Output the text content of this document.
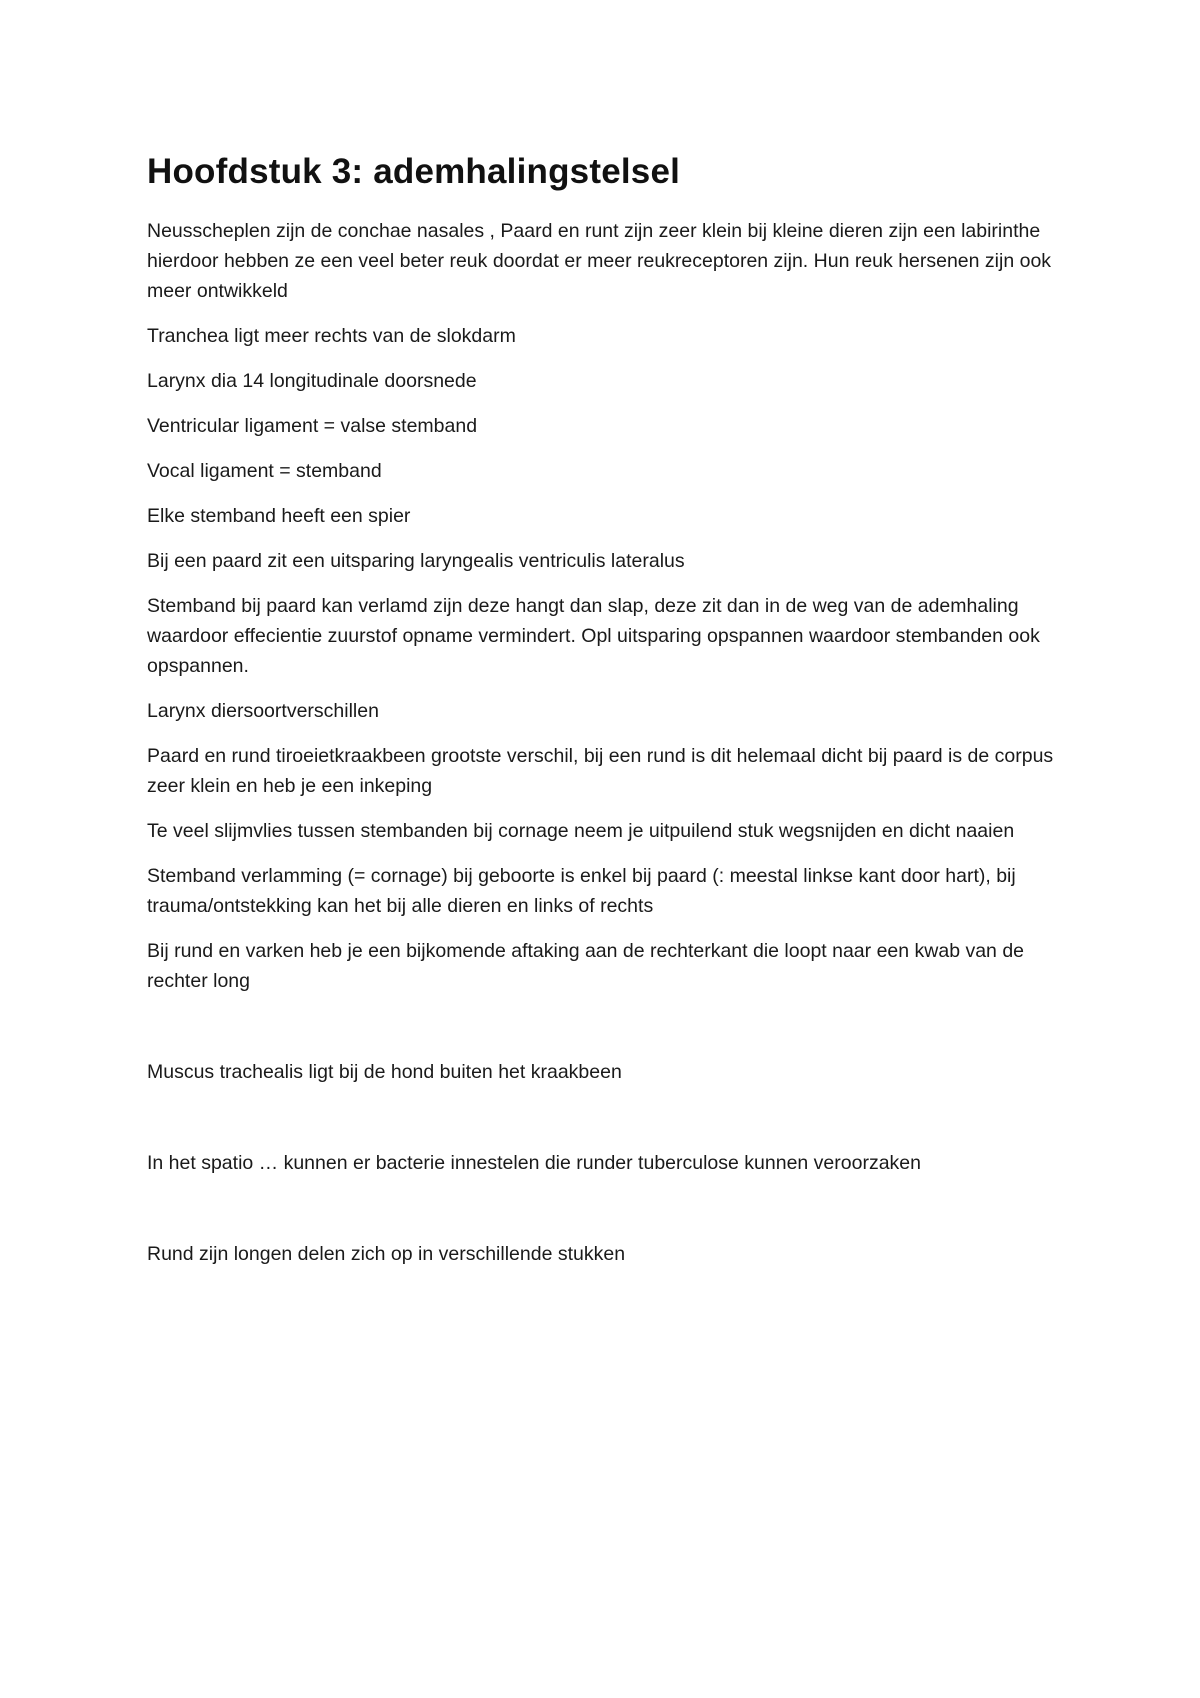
Hoofdstuk 3: ademhalingstelsel

Neusscheplen zijn de conchae nasales , Paard en runt zijn zeer klein bij kleine dieren zijn een labirinthe hierdoor hebben ze een veel beter reuk doordat er meer reukreceptoren zijn. Hun reuk hersenen zijn ook meer ontwikkeld

Tranchea ligt meer rechts van de slokdarm

Larynx dia 14 longitudinale doorsnede

Ventricular ligament = valse stemband

Vocal ligament = stemband

Elke stemband heeft een spier

Bij een paard zit een uitsparing laryngealis ventriculis lateralus

Stemband bij paard kan verlamd zijn deze hangt dan slap, deze zit dan in de weg van de ademhaling waardoor effecientie zuurstof opname vermindert. Opl uitsparing opspannen waardoor stembanden ook opspannen.

Larynx diersoortverschillen

Paard en rund tiroeietkraakbeen grootste verschil, bij een rund is dit helemaal dicht bij paard is de corpus zeer klein en heb je een inkeping

Te veel slijmvlies tussen stembanden bij cornage neem je uitpuilend stuk wegsnijden en dicht naaien

Stemband verlamming (= cornage) bij geboorte is enkel bij paard (: meestal linkse kant door hart), bij trauma/ontstekking kan het bij alle dieren en links of rechts

Bij rund en varken heb je een bijkomende aftaking aan de rechterkant die loopt naar een kwab van de rechter long

Muscus trachealis ligt bij de hond buiten het kraakbeen

In het spatio … kunnen er bacterie innestelen die runder tuberculose kunnen veroorzaken

Rund zijn longen delen zich op in verschillende stukken
